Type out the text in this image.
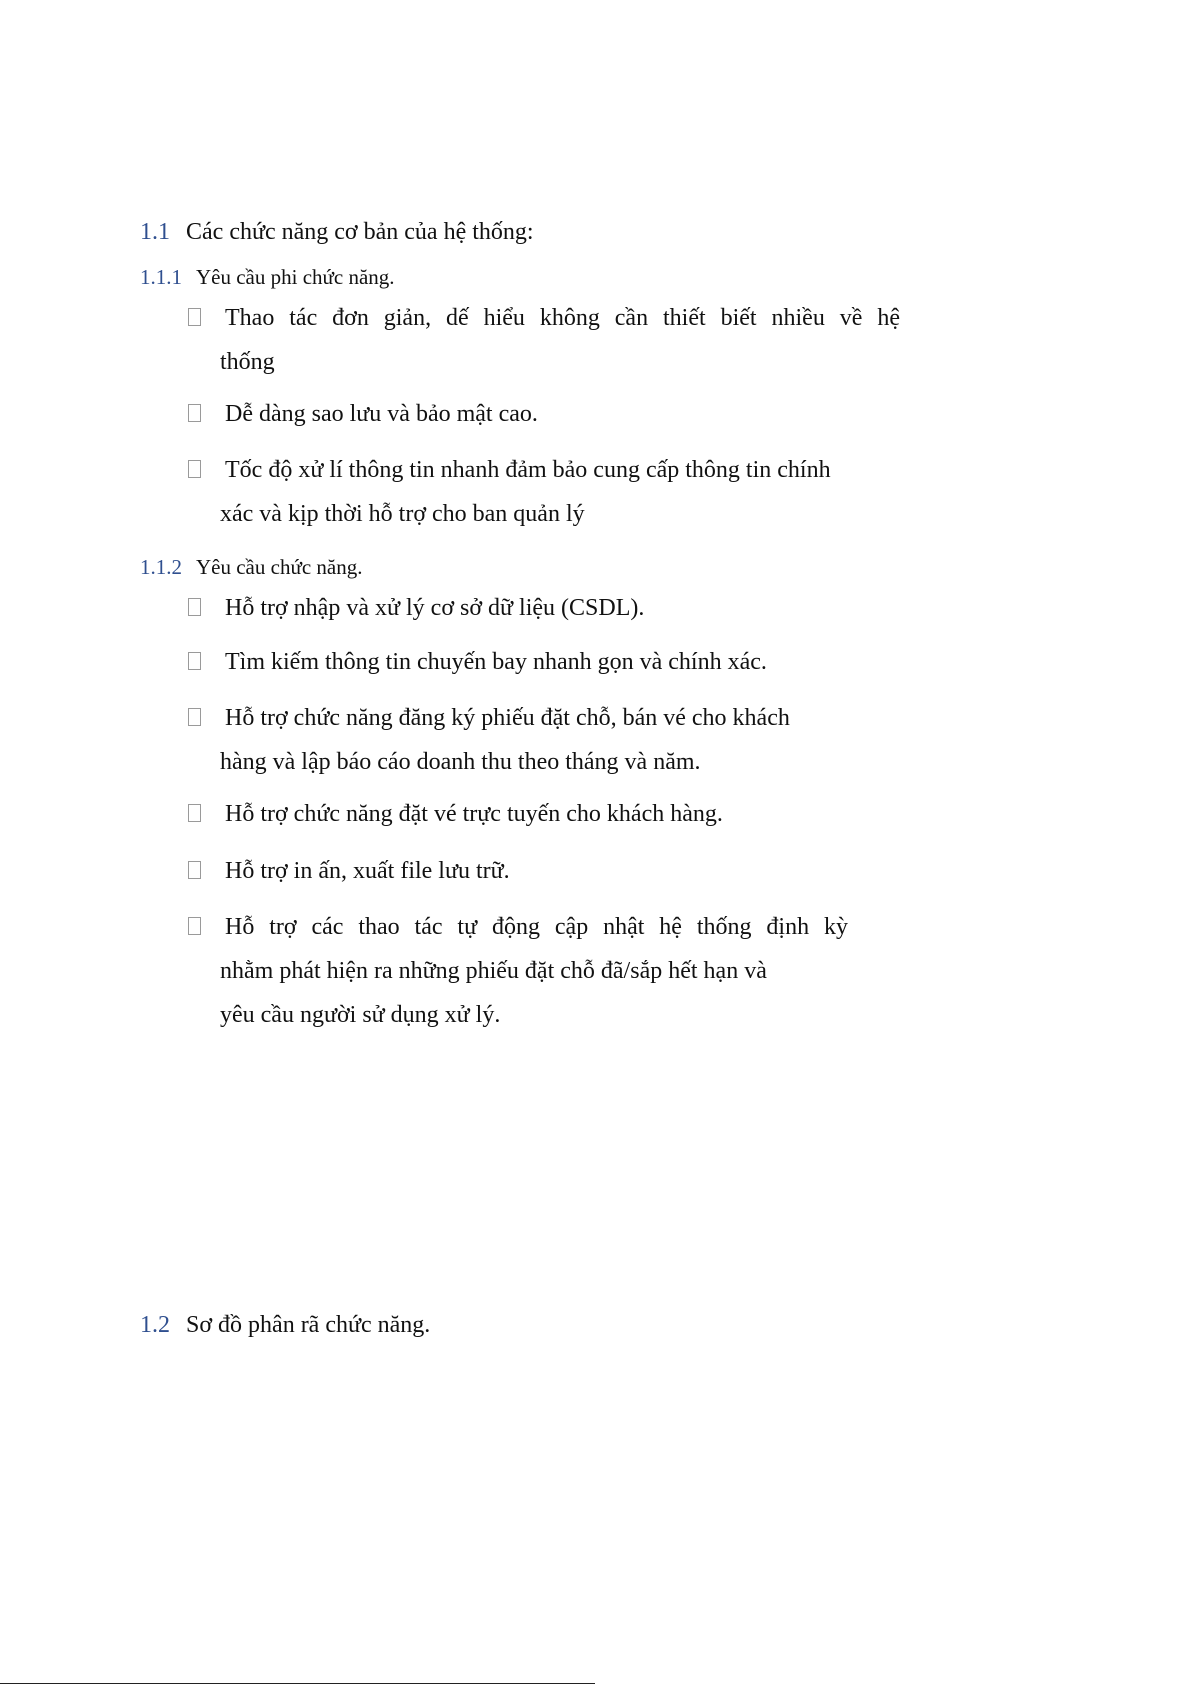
1.1 Các chức năng cơ bản của hệ thống:
1.1.1 Yêu cầu phi chức năng.
Thao tác đơn giản, dế hiểu không cần thiết biết nhiều về hệ
thống
Dễ dàng sao lưu và bảo mật cao.
Tốc độ xử lí thông tin nhanh đảm bảo cung cấp thông tin chính
xác và kịp thời hỗ trợ cho ban quản lý
1.1.2 Yêu cầu chức năng.
Hỗ trợ nhập và xử lý cơ sở dữ liệu (CSDL).
Tìm kiếm thông tin chuyến bay nhanh gọn và chính xác.
Hỗ trợ chức năng đăng ký phiếu đặt chỗ, bán vé cho khách
hàng và lập báo cáo doanh thu theo tháng và năm.
Hỗ trợ chức năng đặt vé trực tuyến cho khách hàng.
Hỗ trợ in ấn, xuất file lưu trữ.
Hỗ trợ các thao tác tự động cập nhật hệ thống định kỳ
nhằm phát hiện ra những phiếu đặt chỗ đã/sắp hết hạn và
yêu cầu người sử dụng xử lý.
1.2 Sơ đồ phân rã chức năng.
